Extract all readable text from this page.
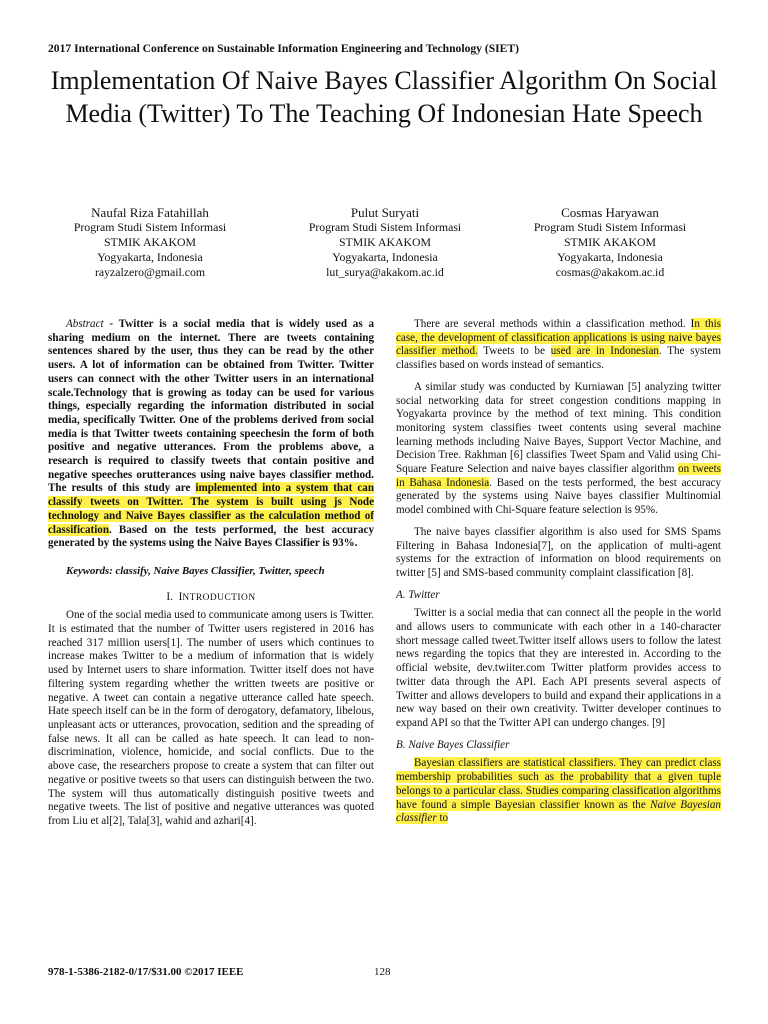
2017 International Conference on Sustainable Information Engineering and Technology (SIET)
Implementation Of Naive Bayes Classifier Algorithm On Social Media (Twitter) To The Teaching Of Indonesian Hate Speech
Naufal Riza Fatahillah
Program Studi Sistem Informasi
STMIK AKAKOM
Yogyakarta, Indonesia
rayzalzero@gmail.com
Pulut Suryati
Program Studi Sistem Informasi
STMIK AKAKOM
Yogyakarta, Indonesia
lut_surya@akakom.ac.id
Cosmas Haryawan
Program Studi Sistem Informasi
STMIK AKAKOM
Yogyakarta, Indonesia
cosmas@akakom.ac.id

Abstract - Twitter is a social media that is widely used as a sharing medium on the internet. There are tweets containing sentences shared by the user, thus they can be read by the other users. A lot of information can be obtained from Twitter. Twitter users can connect with the other Twitter users in an international scale.Technology that is growing as today can be used for various things, especially regarding the information distributed in social media, specifically Twitter. One of the problems derived from social media is that Twitter tweets containing speechesin the form of both positive and negative utterances. From the problems above, a research is required to classify tweets that contain positive and negative speeches orutterances using naive bayes classifier method. The results of this study are implemented into a system that can classify tweets on Twitter. The system is built using js Node technology and Naive Bayes classifier as the calculation method of classification. Based on the tests performed, the best accuracy generated by the systems using the Naive Bayes Classifier is 93%.

Keywords: classify, Naive Bayes Classifier, Twitter, speech
I. INTRODUCTION

One of the social media used to communicate among users is Twitter. It is estimated that the number of Twitter users registered in 2016 has reached 317 million users[1]. The number of users which continues to increase makes Twitter to be a medium of information that is widely used by Internet users to share information. Twitter itself does not have filtering system regarding whether the written tweets are positive or negative. A tweet can contain a negative utterance called hate speech. Hate speech itself can be in the form of derogatory, defamatory, libelous, unpleasant acts or utterances, provocation, sedition and the spreading of false news. It all can be called as hate speech. It can lead to non-discrimination, violence, homicide, and social conflicts. Due to the above case, the researchers propose to create a system that can filter out negative or positive tweets so that users can distinguish between the two. The system will thus automatically distinguish positive tweets and negative tweets. The list of positive and negative utterances was quoted from Liu et al[2], Tala[3], wahid and azhari[4].

There are several methods within a classification method. In this case, the development of classification applications is using naive bayes classifier method. Tweets to be used are in Indonesian. The system classifies based on words instead of semantics.

A similar study was conducted by Kurniawan [5] analyzing twitter social networking data for street congestion conditions mapping in Yogyakarta province by the method of text mining. This condition monitoring system classifies tweet contents using several machine learning methods including Naive Bayes, Support Vector Machine, and Decision Tree. Rakhman [6] classifies Tweet Spam and Valid using Chi-Square Feature Selection and naive bayes classifier algorithm on tweets in Bahasa Indonesia. Based on the tests performed, the best accuracy generated by the systems using Naive bayes classifier Multinomial model combined with Chi-Square feature selection is 95%.

The naive bayes classifier algorithm is also used for SMS Spams Filtering in Bahasa Indonesia[7], on the application of multi-agent systems for the extraction of information on blood requirements on twitter [5] and SMS-based community complaint classification [8].

A. Twitter

Twitter is a social media that can connect all the people in the world and allows users to communicate with each other in a 140-character short message called tweet.Twitter itself allows users to follow the latest news regarding the topics that they are interested in. According to the official website, dev.twiiter.com Twitter platform provides access to twitter data through the API. Each API presents several aspects of Twitter and allows developers to build and expand their applications in a new way based on their own creativity. Twitter developer continues to expand API so that the Twitter API can undergo changes. [9]

B. Naive Bayes Classifier

Bayesian classifiers are statistical classifiers. They can predict class membership probabilities such as the probability that a given tuple belongs to a particular class. Studies comparing classification algorithms have found a simple Bayesian classifier known as the Naive Bayesian classifier to

978-1-5386-2182-0/17/$31.00 ©2017 IEEE	128
